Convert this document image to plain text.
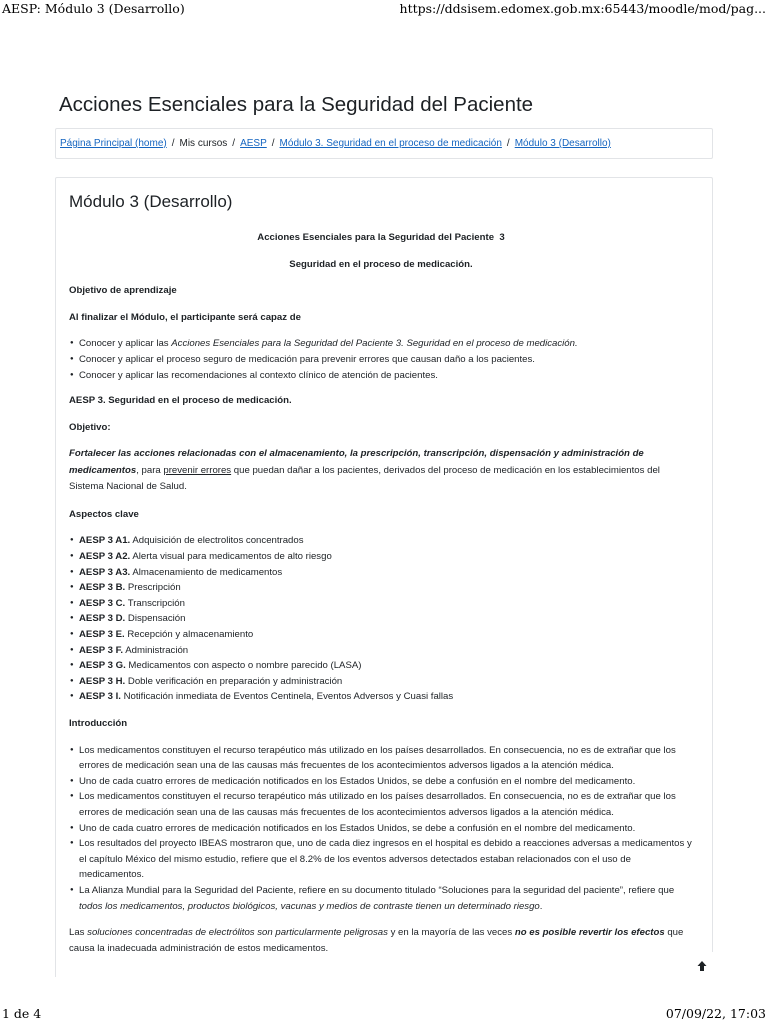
AESP: Módulo 3 (Desarrollo)	https://ddsisem.edomex.gob.mx:65443/moodle/mod/pag...
Acciones Esenciales para la Seguridad del Paciente
Página Principal (home) / Mis cursos / AESP / Módulo 3. Seguridad en el proceso de medicación / Módulo 3 (Desarrollo)
Módulo 3 (Desarrollo)

Acciones Esenciales para la Seguridad del Paciente  3

Seguridad en el proceso de medicación.

Objetivo de aprendizaje

Al finalizar el Módulo, el participante será capaz de

● Conocer y aplicar las Acciones Esenciales para la Seguridad del Paciente 3. Seguridad en el proceso de medicación.
● Conocer y aplicar el proceso seguro de medicación para prevenir errores que causan daño a los pacientes.
● Conocer y aplicar las recomendaciones al contexto clínico de atención de pacientes.

AESP 3. Seguridad en el proceso de medicación.

Objetivo:

Fortalecer las acciones relacionadas con el almacenamiento, la prescripción, transcripción, dispensación y administración de medicamentos, para prevenir errores que puedan dañar a los pacientes, derivados del proceso de medicación en los establecimientos del Sistema Nacional de Salud.

Aspectos clave

● AESP 3 A1. Adquisición de electrolitos concentrados
● AESP 3 A2. Alerta visual para medicamentos de alto riesgo
● AESP 3 A3. Almacenamiento de medicamentos
● AESP 3 B. Prescripción
● AESP 3 C. Transcripción
● AESP 3 D. Dispensación
● AESP 3 E. Recepción y almacenamiento
● AESP 3 F. Administración
● AESP 3 G. Medicamentos con aspecto o nombre parecido (LASA)
● AESP 3 H. Doble verificación en preparación y administración
● AESP 3 I. Notificación inmediata de Eventos Centinela, Eventos Adversos y Cuasi fallas

Introducción

● Los medicamentos constituyen el recurso terapéutico más utilizado en los países desarrollados. En consecuencia, no es de extrañar que los errores de medicación sean una de las causas más frecuentes de los acontecimientos adversos ligados a la atención médica.
● Uno de cada cuatro errores de medicación notificados en los Estados Unidos, se debe a confusión en el nombre del medicamento.
● Los medicamentos constituyen el recurso terapéutico más utilizado en los países desarrollados. En consecuencia, no es de extrañar que los errores de medicación sean una de las causas más frecuentes de los acontecimientos adversos ligados a la atención médica.
● Uno de cada cuatro errores de medicación notificados en los Estados Unidos, se debe a confusión en el nombre del medicamento.
● Los resultados del proyecto IBEAS mostraron que, uno de cada diez ingresos en el hospital es debido a reacciones adversas a medicamentos y el capítulo México del mismo estudio, refiere que el 8.2% de los eventos adversos detectados estaban relacionados con el uso de medicamentos.
● La Alianza Mundial para la Seguridad del Paciente, refiere en su documento titulado “Soluciones para la seguridad del paciente”, refiere que todos los medicamentos, productos biológicos, vacunas y medios de contraste tienen un determinado riesgo.

Las soluciones concentradas de electrólitos son particularmente peligrosas y en la mayoría de las veces no es posible revertir los efectos que causa la inadecuada administración de estos medicamentos.

1 de 4	07/09/22, 17:03
